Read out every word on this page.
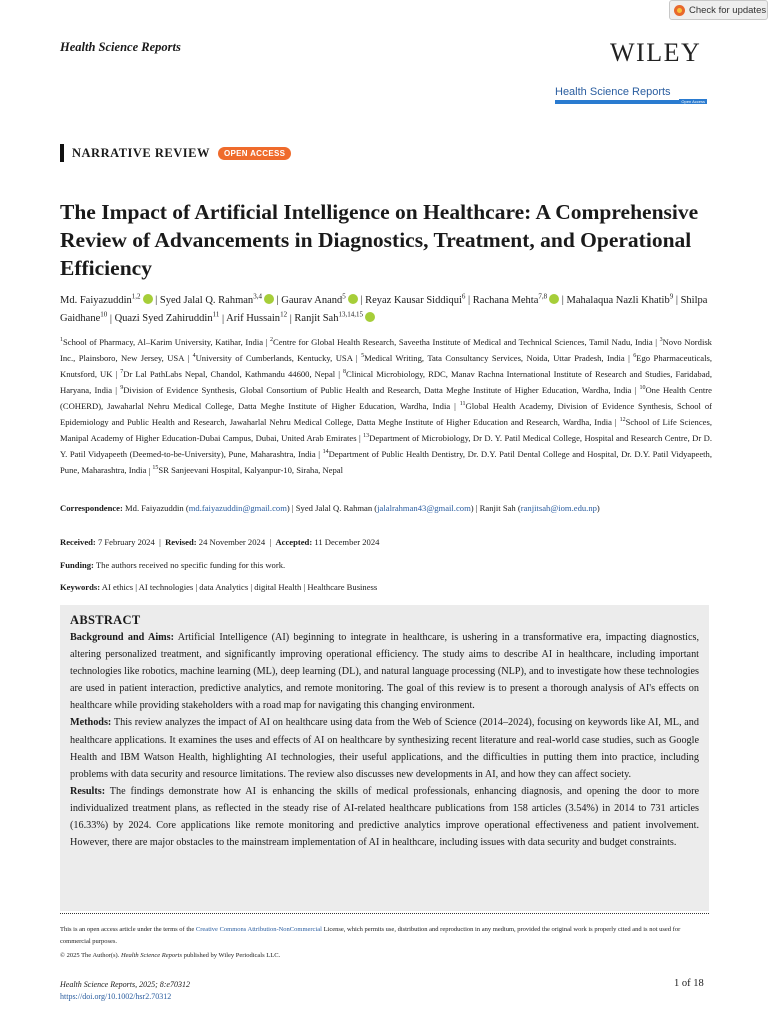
Check for updates
Health Science Reports	WILEY
Health Science Reports
Open Access
NARRATIVE REVIEW	OPEN ACCESS
The Impact of Artificial Intelligence on Healthcare: A Comprehensive Review of Advancements in Diagnostics, Treatment, and Operational Efficiency
Md. Faiyazuddin$^{1,2}$ | Syed Jalal Q. Rahman$^{3,4}$ | Gaurav Anand$^5$ | Reyaz Kausar Siddiqui$^6$ | Rachana Mehta$^{7,8}$ | Mahalaqua Nazli Khatib$^9$ | Shilpa Gaidhane$^{10}$ | Quazi Syed Zahiruddin$^{11}$ | Arif Hussain$^{12}$ | Ranjit Sah$^{13,14,15}$
$^1$School of Pharmacy, Al–Karim University, Katihar, India | $^2$Centre for Global Health Research, Saveetha Institute of Medical and Technical Sciences, Tamil Nadu, India | $^3$Novo Nordisk Inc., Plainsboro, New Jersey, USA | $^4$University of Cumberlands, Kentucky, USA | $^5$Medical Writing, Tata Consultancy Services, Noida, Uttar Pradesh, India | $^6$Ego Pharmaceuticals, Knutsford, UK | $^7$Dr Lal PathLabs Nepal, Chandol, Kathmandu 44600, Nepal | $^8$Clinical Microbiology, RDC, Manav Rachna International Institute of Research and Studies, Faridabad, Haryana, India | $^9$Division of Evidence Synthesis, Global Consortium of Public Health and Research, Datta Meghe Institute of Higher Education, Wardha, India | $^{10}$One Health Centre (COHERD), Jawaharlal Nehru Medical College, Datta Meghe Institute of Higher Education, Wardha, India | $^{11}$Global Health Academy, Division of Evidence Synthesis, School of Epidemiology and Public Health and Research, Jawaharlal Nehru Medical College, Datta Meghe Institute of Higher Education and Research, Wardha, India | $^{12}$School of Life Sciences, Manipal Academy of Higher Education-Dubai Campus, Dubai, United Arab Emirates | $^{13}$Department of Microbiology, Dr D. Y. Patil Medical College, Hospital and Research Centre, Dr D. Y. Patil Vidyapeeth (Deemed-to-be-University), Pune, Maharashtra, India | $^{14}$Department of Public Health Dentistry, Dr. D.Y. Patil Dental College and Hospital, Dr. D.Y. Patil Vidyapeeth, Pune, Maharashtra, India | $^{15}$SR Sanjeevani Hospital, Kalyanpur-10, Siraha, Nepal
Correspondence: Md. Faiyazuddin (md.faiyazuddin@gmail.com) | Syed Jalal Q. Rahman (jalalrahman43@gmail.com) | Ranjit Sah (ranjitsah@iom.edu.np)
Received: 7 February 2024  |  Revised: 24 November 2024  |  Accepted: 11 December 2024
Funding: The authors received no specific funding for this work.
Keywords: AI ethics | AI technologies | data Analytics | digital Health | Healthcare Business
ABSTRACT

Background and Aims: Artificial Intelligence (AI) beginning to integrate in healthcare, is ushering in a transformative era, impacting diagnostics, altering personalized treatment, and significantly improving operational efficiency. The study aims to describe AI in healthcare, including important technologies like robotics, machine learning (ML), deep learning (DL), and natural language processing (NLP), and to investigate how these technologies are used in patient interaction, predictive analytics, and remote monitoring. The goal of this review is to present a thorough analysis of AI's effects on healthcare while providing stakeholders with a road map for navigating this changing environment.

Methods: This review analyzes the impact of AI on healthcare using data from the Web of Science (2014–2024), focusing on keywords like AI, ML, and healthcare applications. It examines the uses and effects of AI on healthcare by synthesizing recent literature and real-world case studies, such as Google Health and IBM Watson Health, highlighting AI technologies, their useful applications, and the difficulties in putting them into practice, including problems with data security and resource limitations. The review also discusses new developments in AI, and how they can affect society.

Results: The findings demonstrate how AI is enhancing the skills of medical professionals, enhancing diagnosis, and opening the door to more individualized treatment plans, as reflected in the steady rise of AI-related healthcare publications from 158 articles (3.54%) in 2014 to 731 articles (16.33%) by 2024. Core applications like remote monitoring and predictive analytics improve operational effectiveness and patient involvement. However, there are major obstacles to the mainstream implementation of AI in healthcare, including issues with data security and budget constraints.

This is an open access article under the terms of the Creative Commons Attribution-NonCommercial License, which permits use, distribution and reproduction in any medium, provided the original work is properly cited and is not used for commercial purposes.
© 2025 The Author(s). Health Science Reports published by Wiley Periodicals LLC.
Health Science Reports, 2025; 8:e70312
https://doi.org/10.1002/hsr2.70312
1 of 18
